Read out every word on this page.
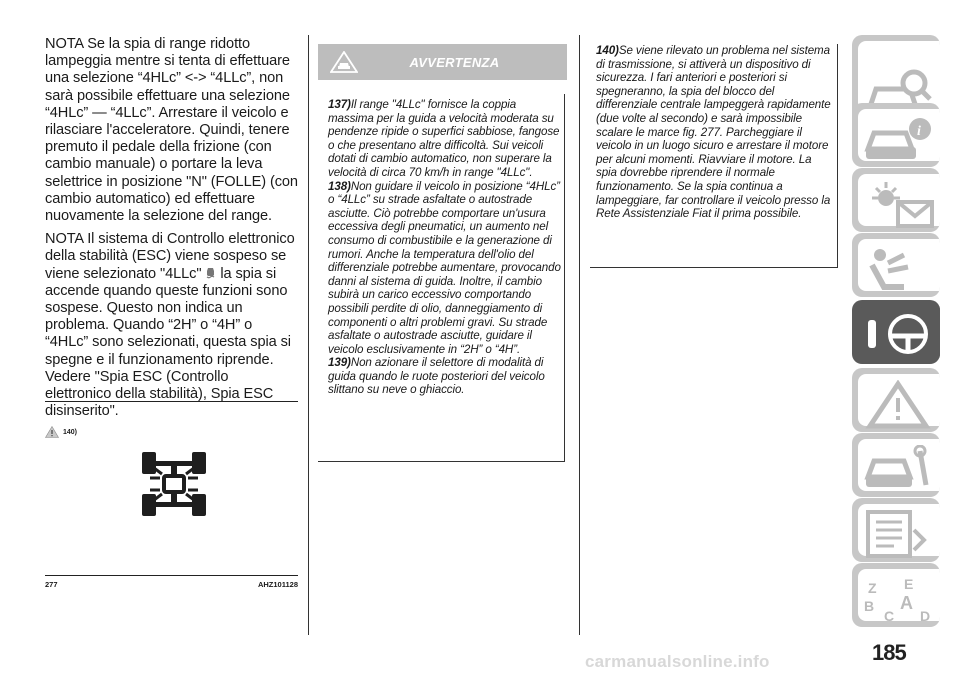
NOTA Se la spia di range ridotto lampeggia mentre si tenta di effettuare una selezione “4HLc” <-> “4LLc”, non sarà possibile effettuare una selezione “4HLc” — “4LLc”. Arrestare il veicolo e rilasciare l'acceleratore. Quindi, tenere premuto il pedale della frizione (con cambio manuale) o portare la leva selettrice in posizione "N" (FOLLE) (con cambio automatico) ed effettuare nuovamente la selezione del range.

NOTA Il sistema di Controllo elettronico della stabilità (ESC) viene sospeso se viene selezionato "4LLc"  la spia si accende quando queste funzioni sono sospese. Questo non indica un problema. Quando “2H” o “4H” o “4HLc” sono selezionati, questa spia si spegne e il funzionamento riprende. Vedere "Spia ESC (Controllo elettronico della stabilità), Spia ESC disinserito".

140)
277	AHZ101128
AVVERTENZA

137)Il range "4LLc" fornisce la coppia massima per la guida a velocità moderata su pendenze ripide o superfici sabbiose, fangose o che presentano altre difficoltà. Sui veicoli dotati di cambio automatico, non superare la velocità di circa 70 km/h in range "4LLc".

138)Non guidare il veicolo in posizione “4HLc” o “4LLc” su strade asfaltate o autostrade asciutte. Ciò potrebbe comportare un'usura eccessiva degli pneumatici, un aumento nel consumo di combustibile e la generazione di rumori. Anche la temperatura dell'olio del differenziale potrebbe aumentare, provocando danni al sistema di guida. Inoltre, il cambio subirà un carico eccessivo comportando possibili perdite di olio, danneggiamento di componenti o altri problemi gravi. Su strade asfaltate o autostrade asciutte, guidare il veicolo esclusivamente in “2H” o “4H”.

139)Non azionare il selettore di modalità di guida quando le ruote posteriori del veicolo slittano su neve o ghiaccio.

140)Se viene rilevato un problema nel sistema di trasmissione, si attiverà un dispositivo di sicurezza. I fari anteriori e posteriori si spegneranno, la spia del blocco del differenziale centrale lampeggerà rapidamente (due volte al secondo) e sarà impossibile scalare le marce fig. 277. Parcheggiare il veicolo in un luogo sicuro e arrestare il motore per alcuni momenti. Riavviare il motore. La spia dovrebbe riprendere il normale funzionamento. Se la spia continua a lampeggiare, far controllare il veicolo presso la Rete Assistenziale Fiat il prima possibile.

i
Z E
B
C
A
D
185
carmanualsonline.info
